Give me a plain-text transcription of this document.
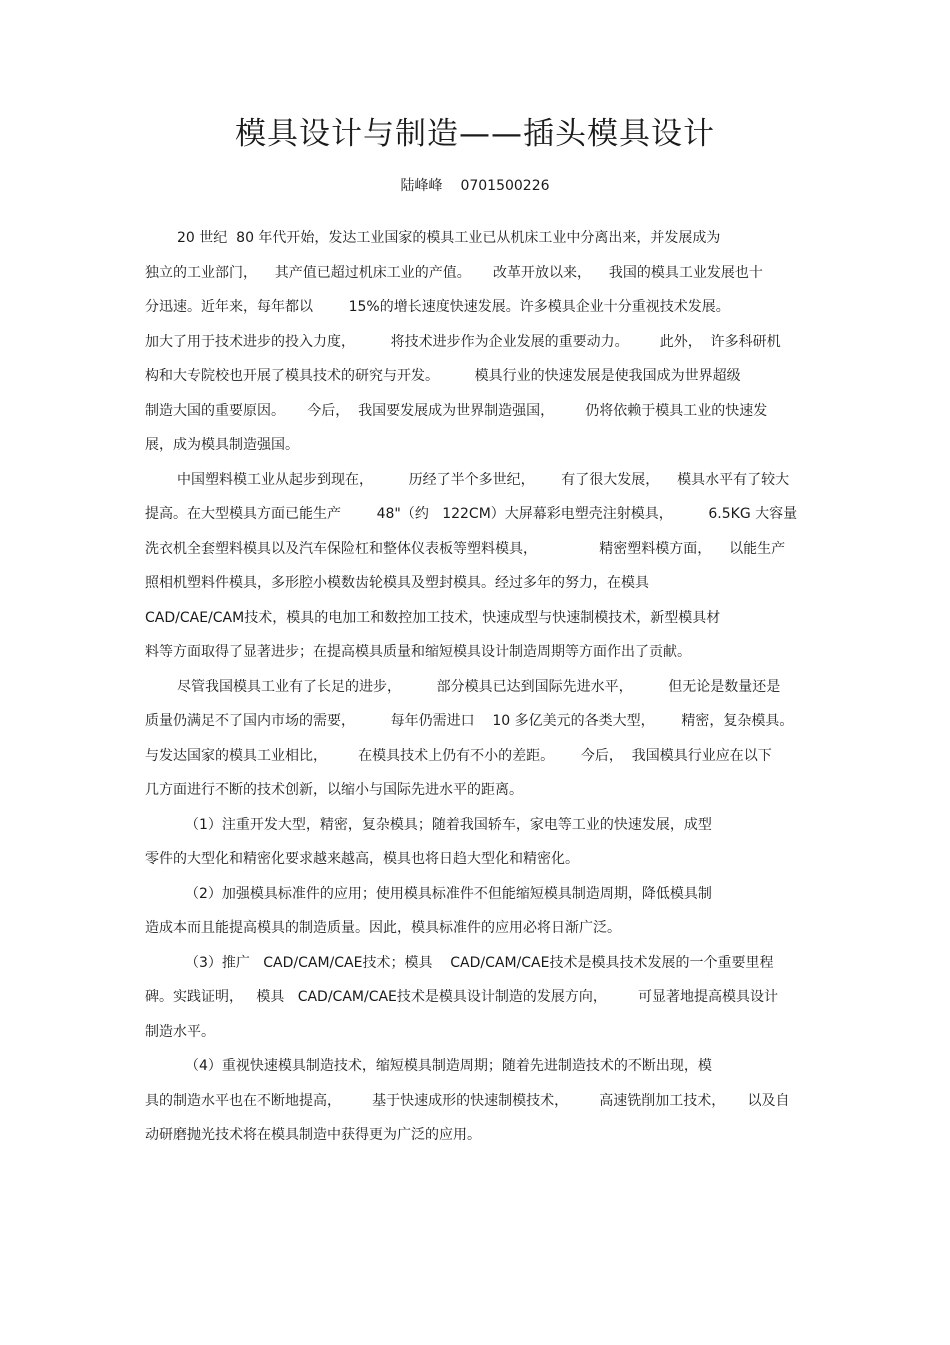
模具设计与制造——插头模具设计
陆峰峰 0701500226
20 世纪  80 年代开始，发达工业国家的模具工业已从机床工业中分离出来，并发展成为
独立的工业部门，    其产值已超过机床工业的产值。     改革开放以来，    我国的模具工业发展也十
分迅速。近年来，每年都以        15%的增长速度快速发展。许多模具企业十分重视技术发展。
加大了用于技术进步的投入力度，        将技术进步作为企业发展的重要动力。       此外，  许多科研机
构和大专院校也开展了模具技术的研究与开发。        模具行业的快速发展是使我国成为世界超级
制造大国的重要原因。     今后，  我国要发展成为世界制造强国，       仍将依赖于模具工业的快速发
展，成为模具制造强国。
中国塑料模工业从起步到现在，        历经了半个多世纪，      有了很大发展，    模具水平有了较大
提高。在大型模具方面已能生产        48"（约   122CM）大屏幕彩电塑壳注射模具，        6.5KG 大容量
洗衣机全套塑料模具以及汽车保险杠和整体仪表板等塑料模具，              精密塑料模方面，    以能生产
照相机塑料件模具，多形腔小模数齿轮模具及塑封模具。经过多年的努力，在模具
CAD/CAE/CAM技术，模具的电加工和数控加工技术，快速成型与快速制模技术，新型模具材
料等方面取得了显著进步；在提高模具质量和缩短模具设计制造周期等方面作出了贡献。
尽管我国模具工业有了长足的进步，        部分模具已达到国际先进水平，        但无论是数量还是
质量仍满足不了国内市场的需要，        每年仍需进口    10 多亿美元的各类大型，      精密，复杂模具。
与发达国家的模具工业相比，       在模具技术上仍有不小的差距。      今后，  我国模具行业应在以下
几方面进行不断的技术创新，以缩小与国际先进水平的距离。
（1）注重开发大型，精密，复杂模具；随着我国轿车，家电等工业的快速发展，成型
零件的大型化和精密化要求越来越高，模具也将日趋大型化和精密化。
（2）加强模具标准件的应用；使用模具标准件不但能缩短模具制造周期，降低模具制
造成本而且能提高模具的制造质量。因此，模具标准件的应用必将日渐广泛。
（3）推广   CAD/CAM/CAE技术；模具    CAD/CAM/CAE技术是模具技术发展的一个重要里程
碑。实践证明，   模具   CAD/CAM/CAE技术是模具设计制造的发展方向，       可显著地提高模具设计
制造水平。
（4）重视快速模具制造技术，缩短模具制造周期；随着先进制造技术的不断出现，模
具的制造水平也在不断地提高，       基于快速成形的快速制模技术，       高速铣削加工技术，     以及自
动研磨抛光技术将在模具制造中获得更为广泛的应用。
